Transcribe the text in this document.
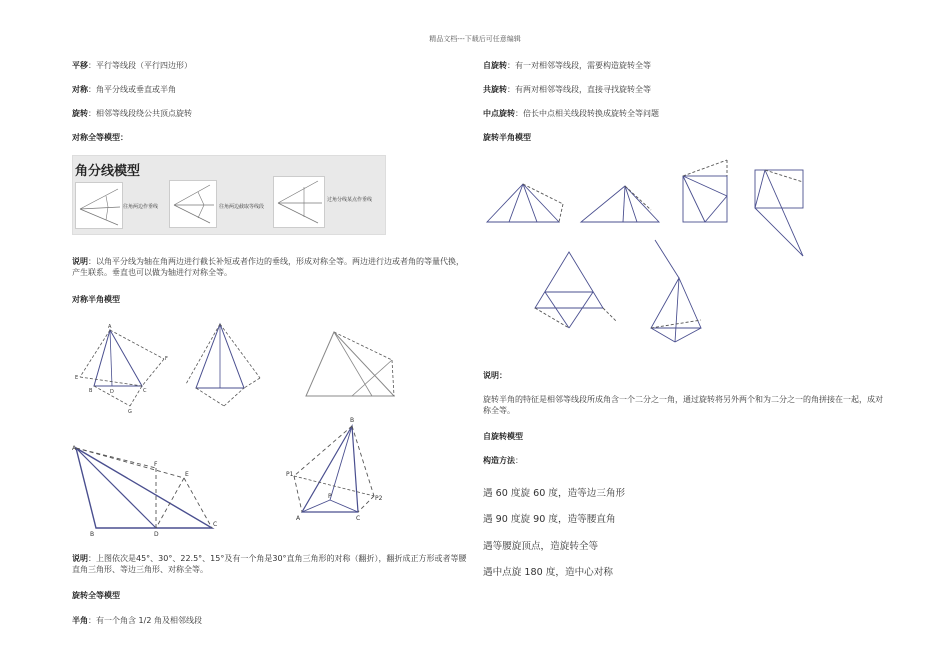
精品文档---下载后可任意编辑
平移：平行等线段（平行四边形）
对称：角平分线或垂直或半角
旋转：相邻等线段绕公共顶点旋转
对称全等模型：
角分线模型
往角两边作垂线	往角两边截取等线段
过角分线某点作垂线
说明：以角平分线为轴在角两边进行截长补短或者作边的垂线，形成对称全等。两边进行边或者角的等量代换，产生联系。垂直也可以做为轴进行对称全等。
对称半角模型
A
E
F
B	D	C
G
A
F
E
B	D
C
B
P1
P	P2
A	C
说明：上图依次是45°、30°、22.5°、15°及有一个角是30°直角三角形的对称（翻折），翻折成正方形或者等腰直角三角形、等边三角形、对称全等。
旋转全等模型
半角：有一个角含 1/2 角及相邻线段
自旋转：有一对相邻等线段，需要构造旋转全等
共旋转：有两对相邻等线段，直接寻找旋转全等
中点旋转：倍长中点相关线段转换成旋转全等问题
旋转半角模型
说明：
旋转半角的特征是相邻等线段所成角含一个二分之一角，通过旋转将另外两个和为二分之一的角拼接在一起，成对称全等。
自旋转模型
构造方法：
遇 60 度旋 60 度，造等边三角形
遇 90 度旋 90 度，造等腰直角
遇等腰旋顶点，造旋转全等
遇中点旋 180 度，造中心对称
